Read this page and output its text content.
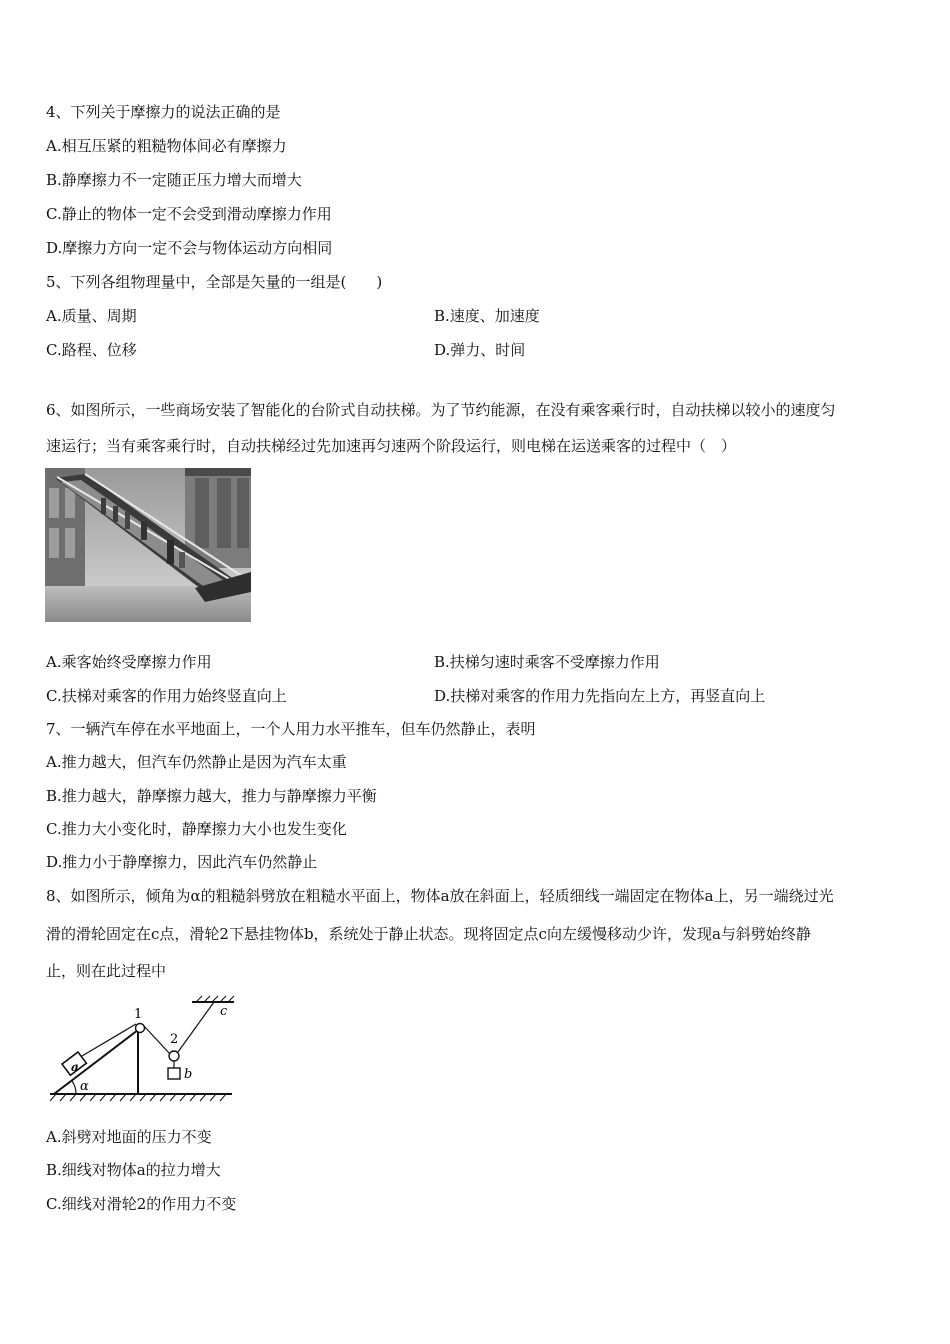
4、下列关于摩擦力的说法正确的是
A.相互压紧的粗糙物体间必有摩擦力
B.静摩擦力不一定随正压力增大而增大
C.静止的物体一定不会受到滑动摩擦力作用
D.摩擦力方向一定不会与物体运动方向相同
5、下列各组物理量中，全部是矢量的一组是(　　)
A.质量、周期	B.速度、加速度
C.路程、位移	D.弹力、时间
6、如图所示，一些商场安装了智能化的台阶式自动扶梯。为了节约能源，在没有乘客乘行时，自动扶梯以较小的速度匀
速运行；当有乘客乘行时，自动扶梯经过先加速再匀速两个阶段运行，则电梯在运送乘客的过程中（　）
A.乘客始终受摩擦力作用	B.扶梯匀速时乘客不受摩擦力作用
C.扶梯对乘客的作用力始终竖直向上	D.扶梯对乘客的作用力先指向左上方，再竖直向上
7、一辆汽车停在水平地面上，一个人用力水平推车，但车仍然静止，表明
A.推力越大，但汽车仍然静止是因为汽车太重
B.推力越大，静摩擦力越大，推力与静摩擦力平衡
C.推力大小变化时，静摩擦力大小也发生变化
D.推力小于静摩擦力，因此汽车仍然静止
8、如图所示，倾角为α的粗糙斜劈放在粗糙水平面上，物体a放在斜面上，轻质细线一端固定在物体a上，另一端绕过光
滑的滑轮固定在c点，滑轮2下悬挂物体b，系统处于静止状态。现将固定点c向左缓慢移动少许，发现a与斜劈始终静
止，则在此过程中
α
a
1
2
c
b
A.斜劈对地面的压力不变
B.细线对物体a的拉力增大
C.细线对滑轮2的作用力不变
